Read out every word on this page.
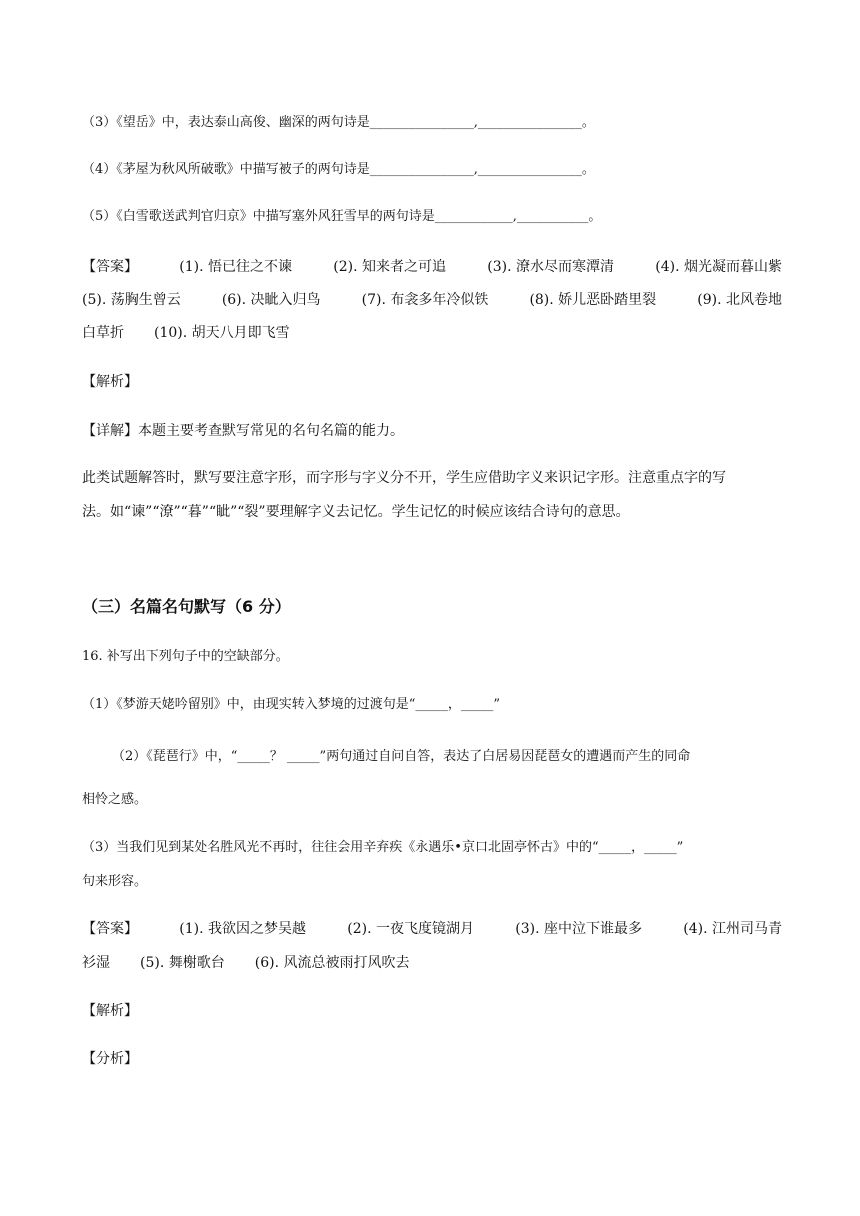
（3）《望岳》中，表达泰山高俊、幽深的两句诗是________________,________________。
（4）《茅屋为秋风所破歌》中描写被子的两句诗是________________,________________。
（5）《白雪歌送武判官归京》中描写塞外风狂雪早的两句诗是____________,___________。
【答案】	(1). 悟已往之不谏	(2). 知来者之可追	(3). 潦水尽而寒潭清	(4). 烟光凝而暮山紫
(5). 荡胸生曾云	(6). 决眦入归鸟	(7). 布衾多年冷似铁	(8). 娇儿恶卧踏里裂	(9). 北风卷地
白草折 (10). 胡天八月即飞雪
【解析】
【详解】本题主要考查默写常见的名句名篇的能力。
此类试题解答时，默写要注意字形，而字形与字义分不开，学生应借助字义来识记字形。注意重点字的写
法。如“谏”“潦”“暮”“眦”“裂”要理解字义去记忆。学生记忆的时候应该结合诗句的意思。
（三）名篇名句默写（6 分）
16. 补写出下列句子中的空缺部分。
（1）《梦游天姥吟留别》中，由现实转入梦境的过渡句是“_____，_____”
（2）《琵琶行》中，“_____？ _____”两句通过自问自答，表达了白居易因琵琶女的遭遇而产生的同命
相怜之感。
（3）当我们见到某处名胜风光不再时，往往会用辛弃疾《永遇乐•京口北固亭怀古》中的“_____，_____”
句来形容。
【答案】	(1). 我欲因之梦吴越	(2). 一夜飞度镜湖月	(3). 座中泣下谁最多	(4). 江州司马青
衫湿 (5). 舞榭歌台 (6). 风流总被雨打风吹去
【解析】
【分析】
